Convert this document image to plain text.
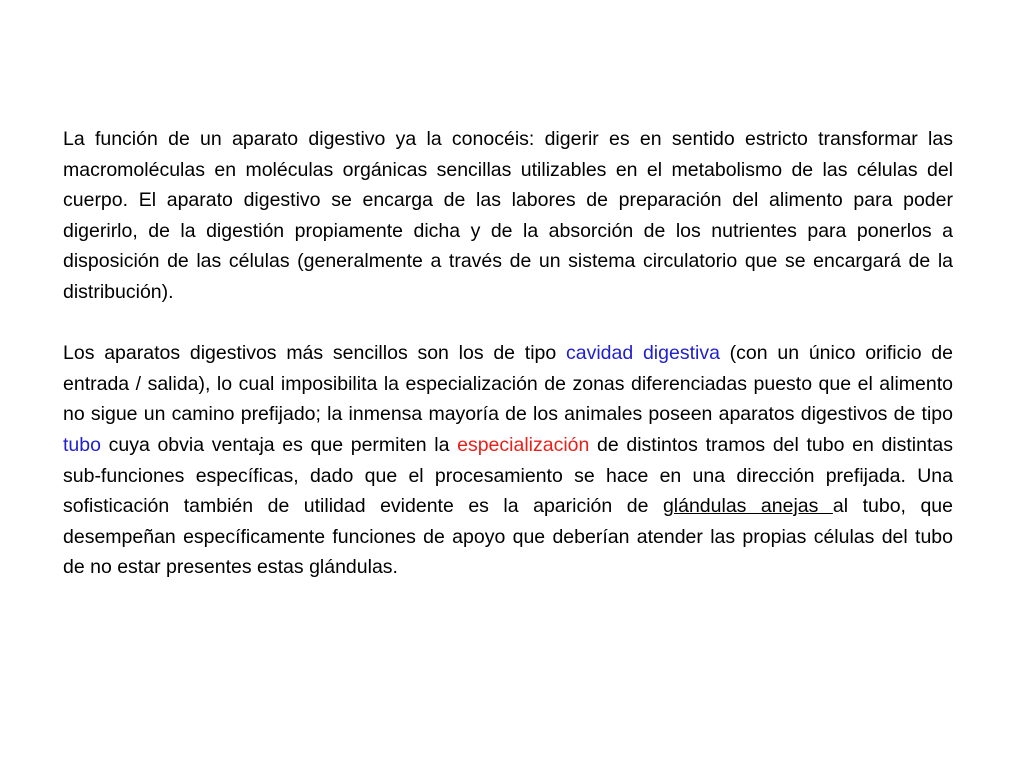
La función de un aparato digestivo ya la conocéis: digerir es en sentido estricto transformar las macromoléculas en moléculas orgánicas sencillas utilizables en el metabolismo de las células del cuerpo. El aparato digestivo se encarga de las labores de preparación del alimento para poder digerirlo, de la digestión propiamente dicha y de la absorción de los nutrientes para ponerlos a disposición de las células (generalmente a través de un sistema circulatorio que se encargará de la distribución).

Los aparatos digestivos más sencillos son los de tipo cavidad digestiva (con un único orificio de entrada / salida), lo cual imposibilita la especialización de zonas diferenciadas puesto que el alimento no sigue un camino prefijado; la inmensa mayoría de los animales poseen aparatos digestivos de tipo tubo cuya obvia ventaja es que permiten la especialización de distintos tramos del tubo en distintas sub-funciones específicas, dado que el procesamiento se hace en una dirección prefijada. Una sofisticación también de utilidad evidente es la aparición de glándulas anejas al tubo, que desempeñan específicamente funciones de apoyo que deberían atender las propias células del tubo de no estar presentes estas glándulas.
